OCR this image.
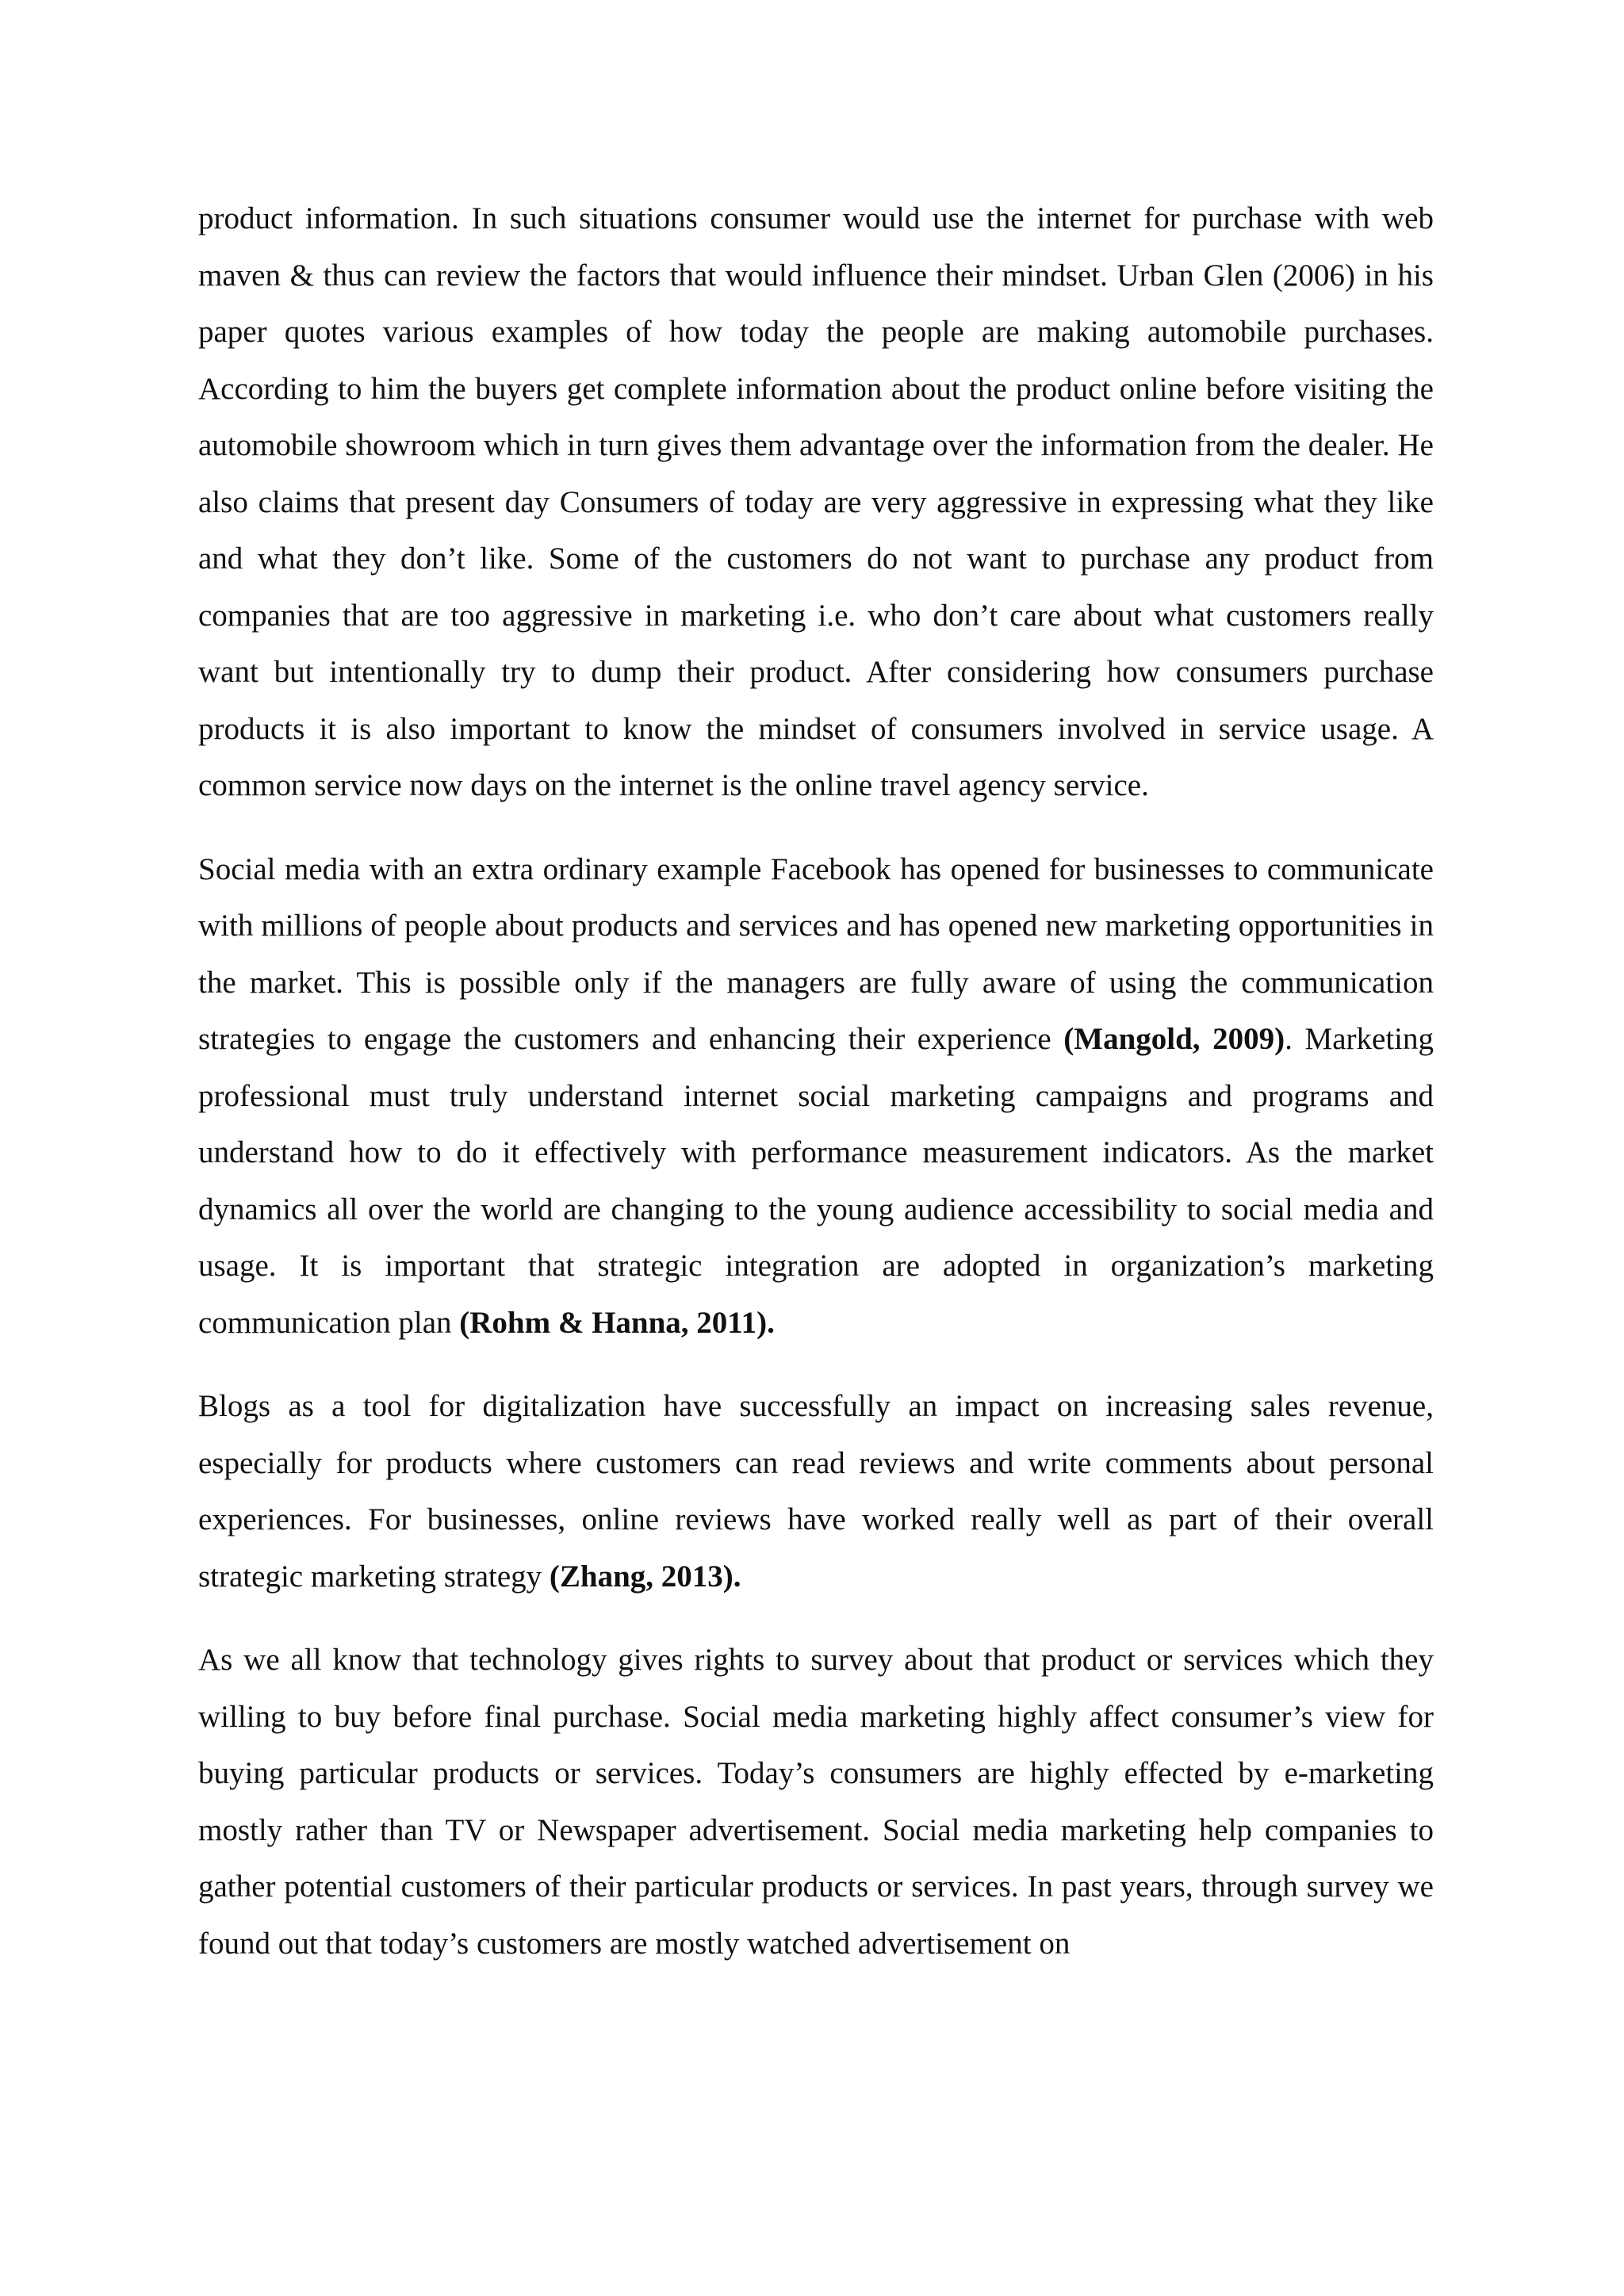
product information. In such situations consumer would use the internet for purchase with web maven & thus can review the factors that would influence their mindset. Urban Glen (2006) in his paper quotes various examples of how today the people are making automobile purchases. According to him the buyers get complete information about the product online before visiting the automobile showroom which in turn gives them advantage over the information from the dealer. He also claims that present day Consumers of today are very aggressive in expressing what they like and what they don’t like. Some of the customers do not want to purchase any product from companies that are too aggressive in marketing i.e. who don’t care about what customers really want but intentionally try to dump their product. After considering how consumers purchase products it is also important to know the mindset of consumers involved in service usage. A common service now days on the internet is the online travel agency service.

Social media with an extra ordinary example Facebook has opened for businesses to communicate with millions of people about products and services and has opened new marketing opportunities in the market. This is possible only if the managers are fully aware of using the communication strategies to engage the customers and enhancing their experience (Mangold, 2009). Marketing professional must truly understand internet social marketing campaigns and programs and understand how to do it effectively with performance measurement indicators. As the market dynamics all over the world are changing to the young audience accessibility to social media and usage. It is important that strategic integration are adopted in organization’s marketing communication plan (Rohm & Hanna, 2011).

Blogs as a tool for digitalization have successfully an impact on increasing sales revenue, especially for products where customers can read reviews and write comments about personal experiences. For businesses, online reviews have worked really well as part of their overall strategic marketing strategy (Zhang, 2013).

As we all know that technology gives rights to survey about that product or services which they willing to buy before final purchase. Social media marketing highly affect consumer’s view for buying particular products or services. Today’s consumers are highly effected by e-marketing mostly rather than TV or Newspaper advertisement. Social media marketing help companies to gather potential customers of their particular products or services. In past years, through survey we found out that today’s customers are mostly watched advertisement on
